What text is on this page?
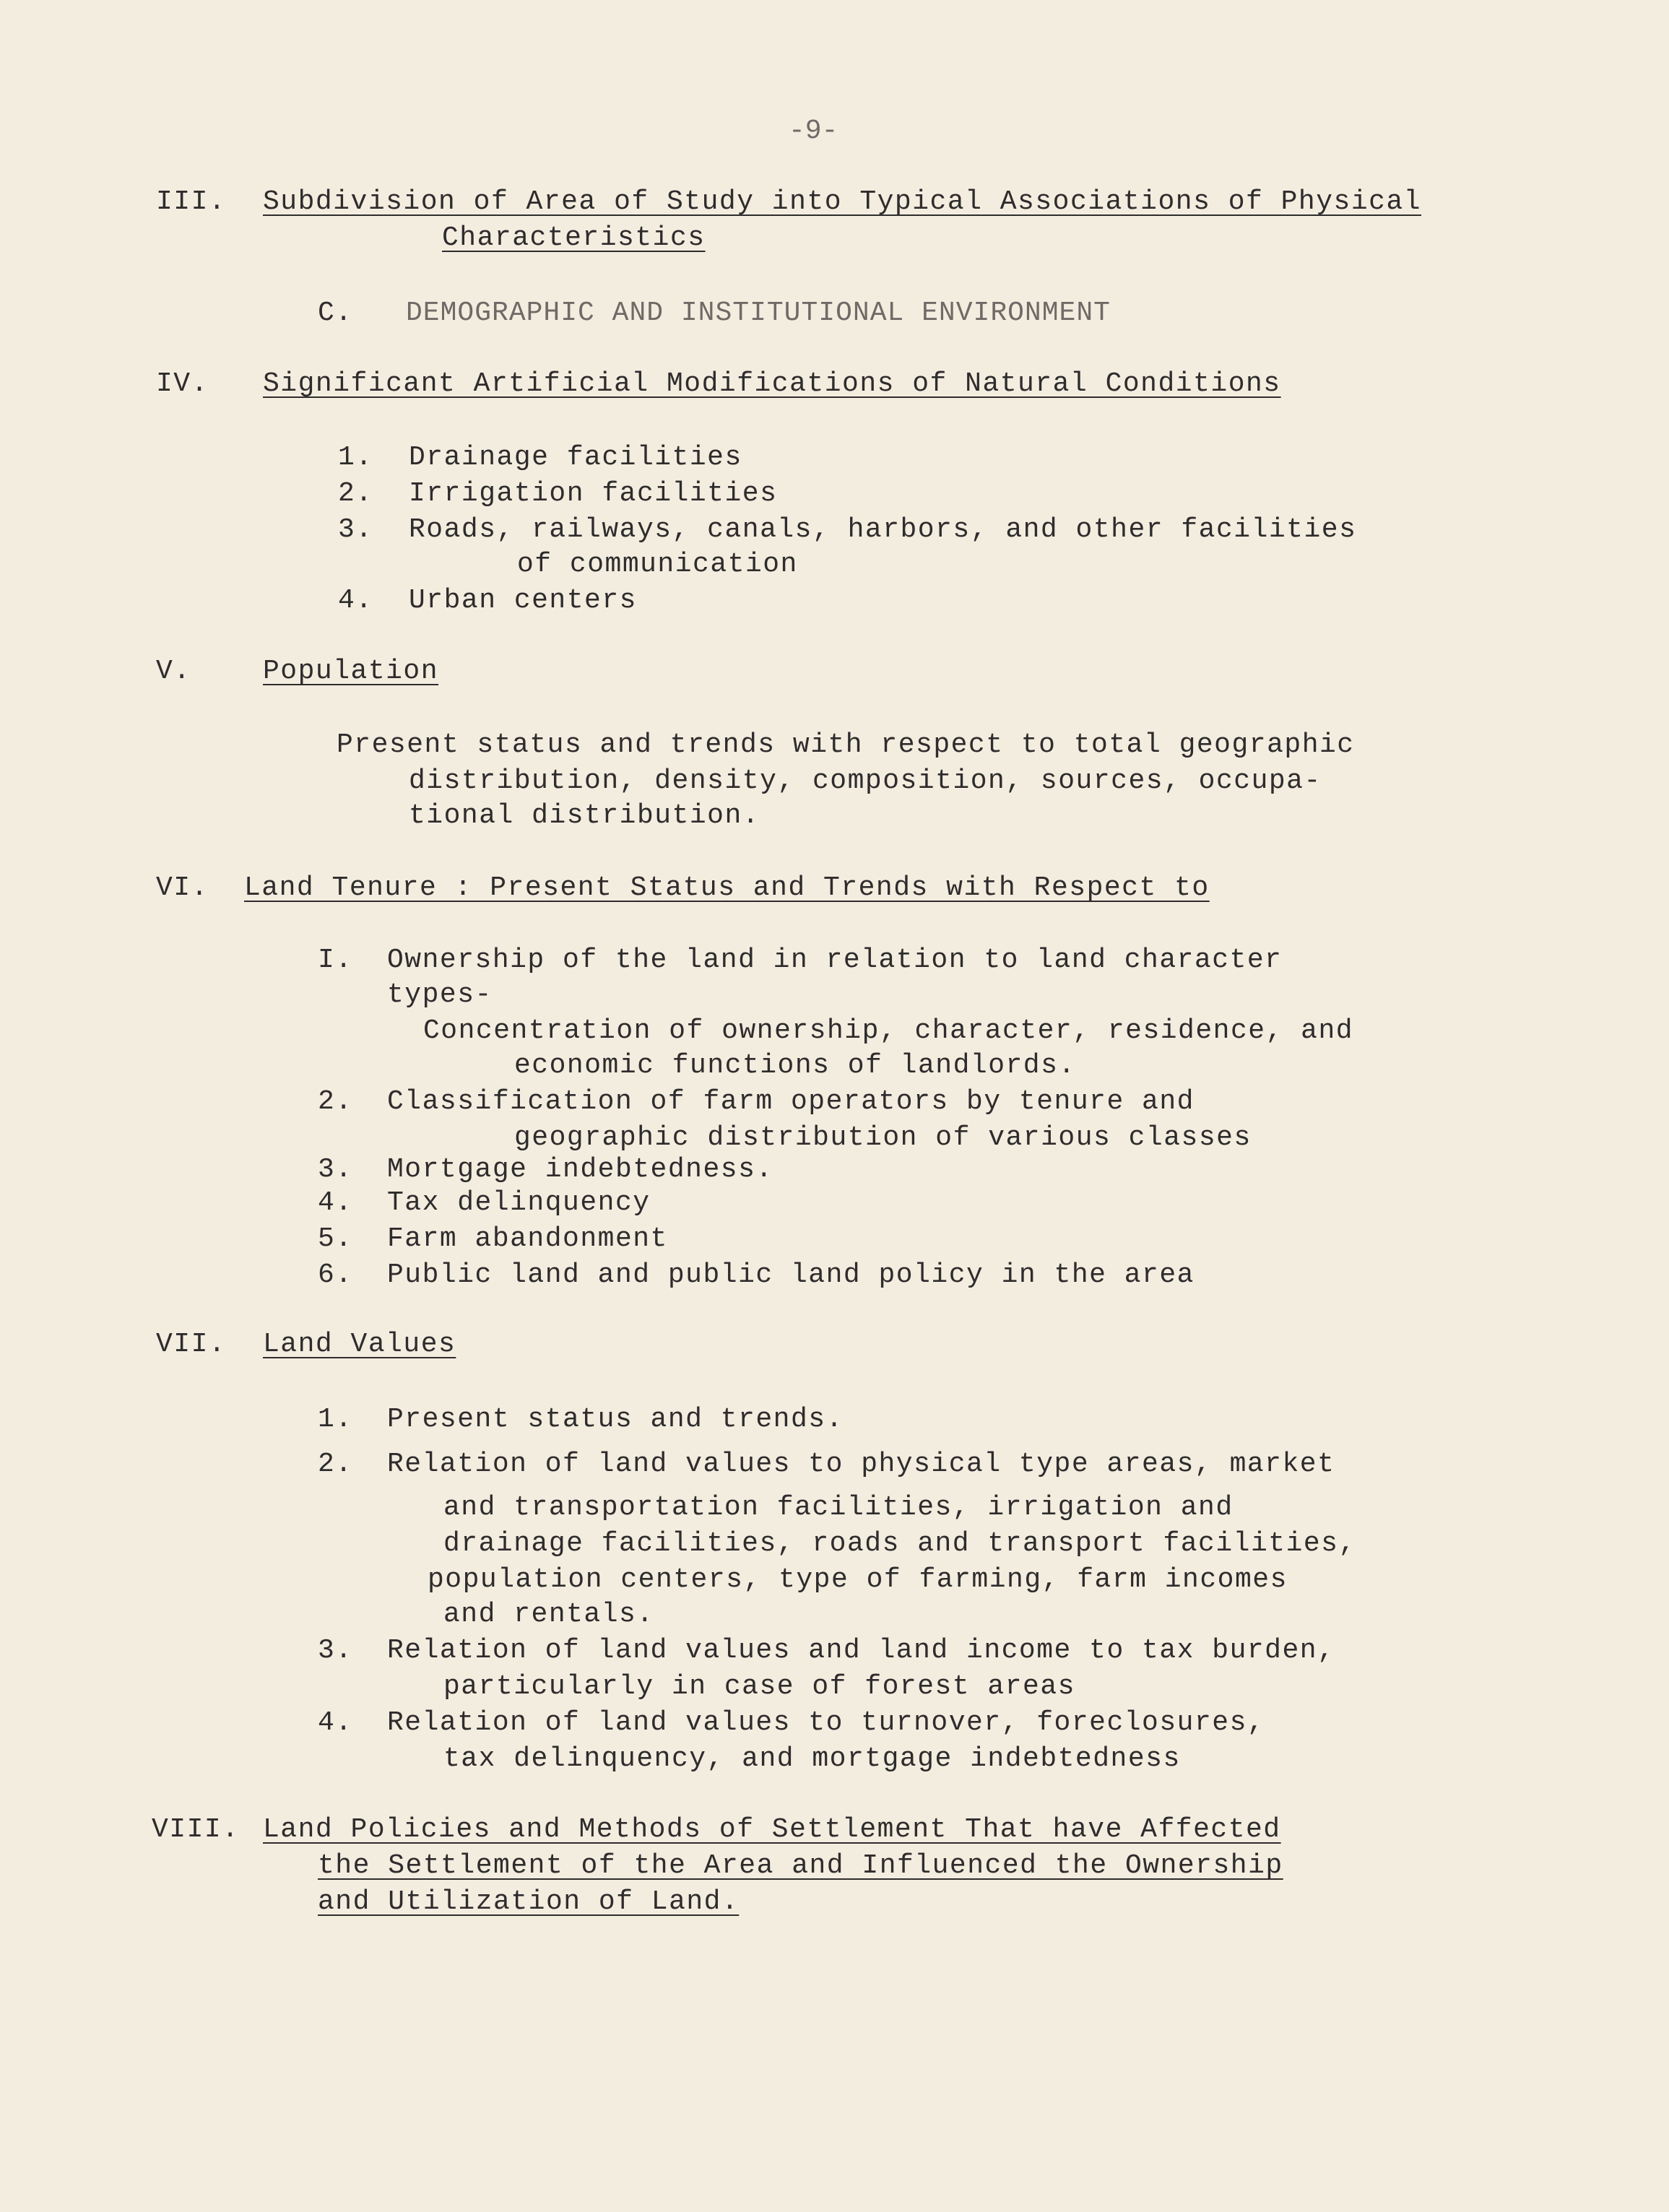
-9-
III. Subdivision of Area of Study into Typical Associations of Physical
Characteristics
C. DEMOGRAPHIC AND INSTITUTIONAL ENVIRONMENT
IV. Significant Artificial Modifications of Natural Conditions
1. Drainage facilities
2. Irrigation facilities
3. Roads, railways, canals, harbors, and other facilities
of communication
4. Urban centers
V.	Population
Present status and trends with respect to total geographic
distribution, density, composition, sources, occupa-
tional distribution.
VI. Land Tenure : Present Status and Trends with Respect to
I. Ownership of the land in relation to land character
types-
Concentration of ownership, character, residence, and
economic functions of landlords.
2. Classification of farm operators by tenure and
geographic distribution of various classes
3. Mortgage indebtedness.
4. Tax delinquency
5. Farm abandonment
6. Public land and public land policy in the area
VII. Land Values
1. Present status and trends.
2. Relation of land values to physical type areas, market
and transportation facilities, irrigation and
drainage facilities, roads and transport facilities,
population centers, type of farming, farm incomes
and rentals.
3. Relation of land values and land income to tax burden,
particularly in case of forest areas
4. Relation of land values to turnover, foreclosures,
tax delinquency, and mortgage indebtedness
VIII. Land Policies and Methods of Settlement That have Affected
the Settlement of the Area and Influenced the Ownership
and Utilization of Land.
